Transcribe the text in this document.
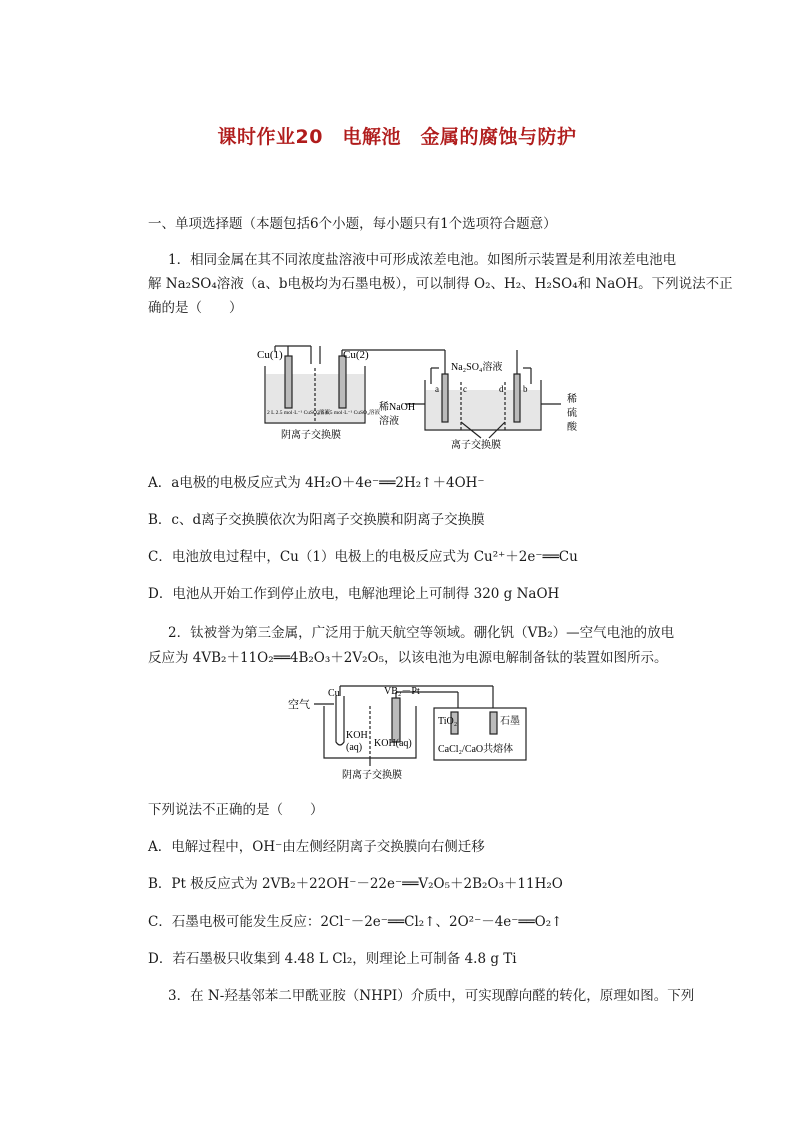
课时作业20　电解池　金属的腐蚀与防护
一、单项选择题（本题包括6个小题，每小题只有1个选项符合题意）
1．相同金属在其不同浓度盐溶液中可形成浓差电池。如图所示装置是利用浓差电池电
解 Na₂SO₄溶液（a、b电极均为石墨电极），可以制得 O₂、H₂、H₂SO₄和 NaOH。下列说法不正
确的是（　　）
Cu(1)	Cu(2)
2 L 2.5 mol·L⁻¹ CuSO₄溶液
2 L 0.5 mol·L⁻¹ CuSO₄溶液
阴离子交换膜
Na₂SO₄溶液
a	c	d b
稀NaOH
溶液
稀
硫
酸
离子交换膜
A．a电极的电极反应式为 4H₂O＋4e⁻══2H₂↑＋4OH⁻
B．c、d离子交换膜依次为阳离子交换膜和阴离子交换膜
C．电池放电过程中，Cu（1）电极上的电极反应式为 Cu²⁺＋2e⁻══Cu
D．电池从开始工作到停止放电，电解池理论上可制得 320 g NaOH
2．钛被誉为第三金属，广泛用于航天航空等领域。硼化钒（VB₂）—空气电池的放电
反应为 4VB₂＋11O₂══4B₂O₃＋2V₂O₅，以该电池为电源电解制备钛的装置如图所示。
空气
Cu	VB₂－Pt
KOH
(aq) KOH(aq)
TiO₂	石墨
CaCl₂/CaO共熔体
阴离子交换膜
下列说法不正确的是（　　）
A．电解过程中，OH⁻由左侧经阴离子交换膜向右侧迁移
B．Pt 极反应式为 2VB₂＋22OH⁻－22e⁻══V₂O₅＋2B₂O₃＋11H₂O
C．石墨电极可能发生反应：2Cl⁻－2e⁻══Cl₂↑、2O²⁻－4e⁻══O₂↑
D．若石墨极只收集到 4.48 L Cl₂，则理论上可制备 4.8 g Ti
3．在 N-羟基邻苯二甲酰亚胺（NHPI）介质中，可实现醇向醛的转化，原理如图。下列
